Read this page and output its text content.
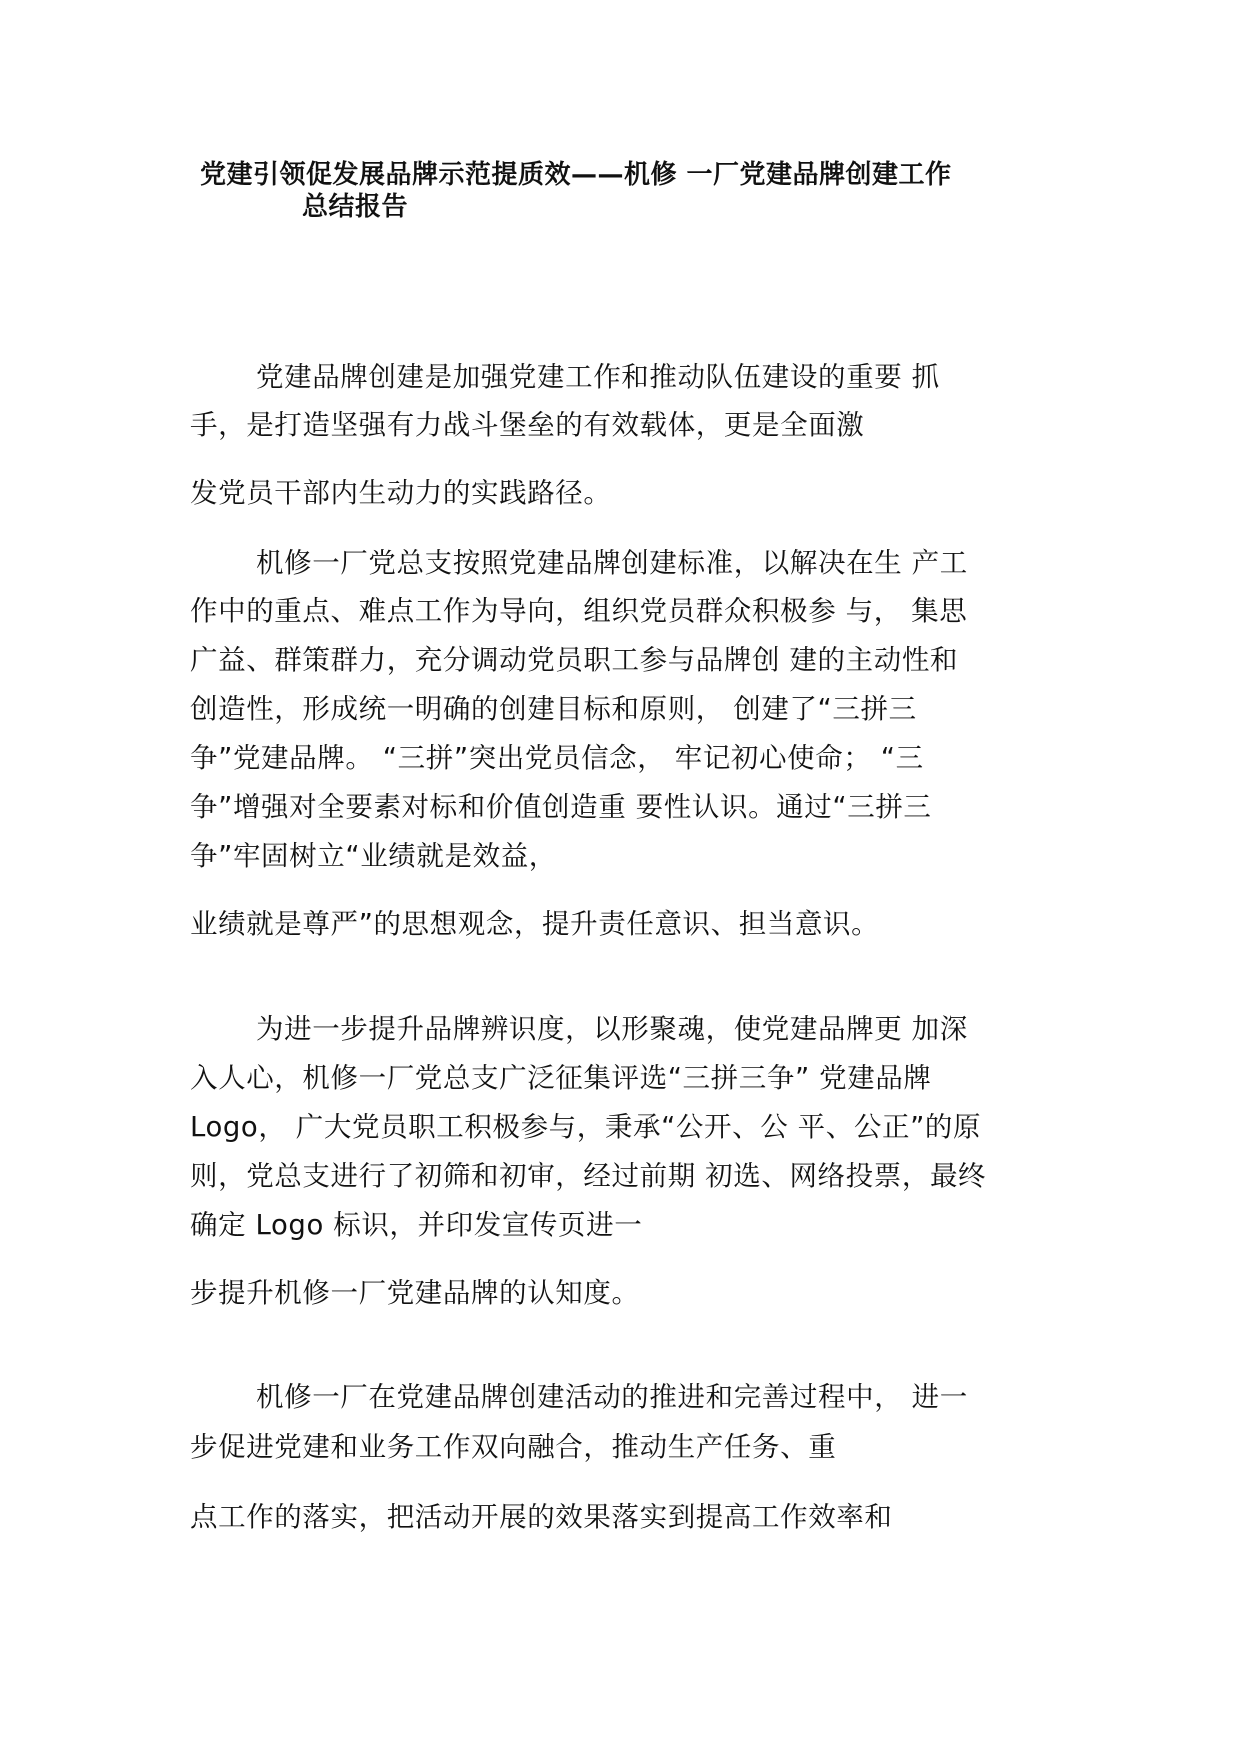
党建引领促发展品牌示范提质效——机修 一厂党建品牌创建工作
总结报告
党建品牌创建是加强党建工作和推动队伍建设的重要 抓
手，是打造坚强有力战斗堡垒的有效载体，更是全面激
发党员干部内生动力的实践路径。
机修一厂党总支按照党建品牌创建标准，以解决在生 产工
作中的重点、难点工作为导向，组织党员群众积极参 与， 集思
广益、群策群力，充分调动党员职工参与品牌创 建的主动性和
创造性，形成统一明确的创建目标和原则， 创建了“三拼三
争”党建品牌。 “三拼”突出党员信念， 牢记初心使命； “三
争”增强对全要素对标和价值创造重 要性认识。通过“三拼三
争”牢固树立“业绩就是效益，
业绩就是尊严”的思想观念，提升责任意识、担当意识。
为进一步提升品牌辨识度，以形聚魂，使党建品牌更 加深
入人心，机修一厂党总支广泛征集评选“三拼三争” 党建品牌
Logo， 广大党员职工积极参与，秉承“公开、公 平、公正”的原
则，党总支进行了初筛和初审，经过前期 初选、网络投票，最终
确定 Logo 标识，并印发宣传页进一
步提升机修一厂党建品牌的认知度。
机修一厂在党建品牌创建活动的推进和完善过程中， 进一
步促进党建和业务工作双向融合，推动生产任务、重
点工作的落实，把活动开展的效果落实到提高工作效率和
